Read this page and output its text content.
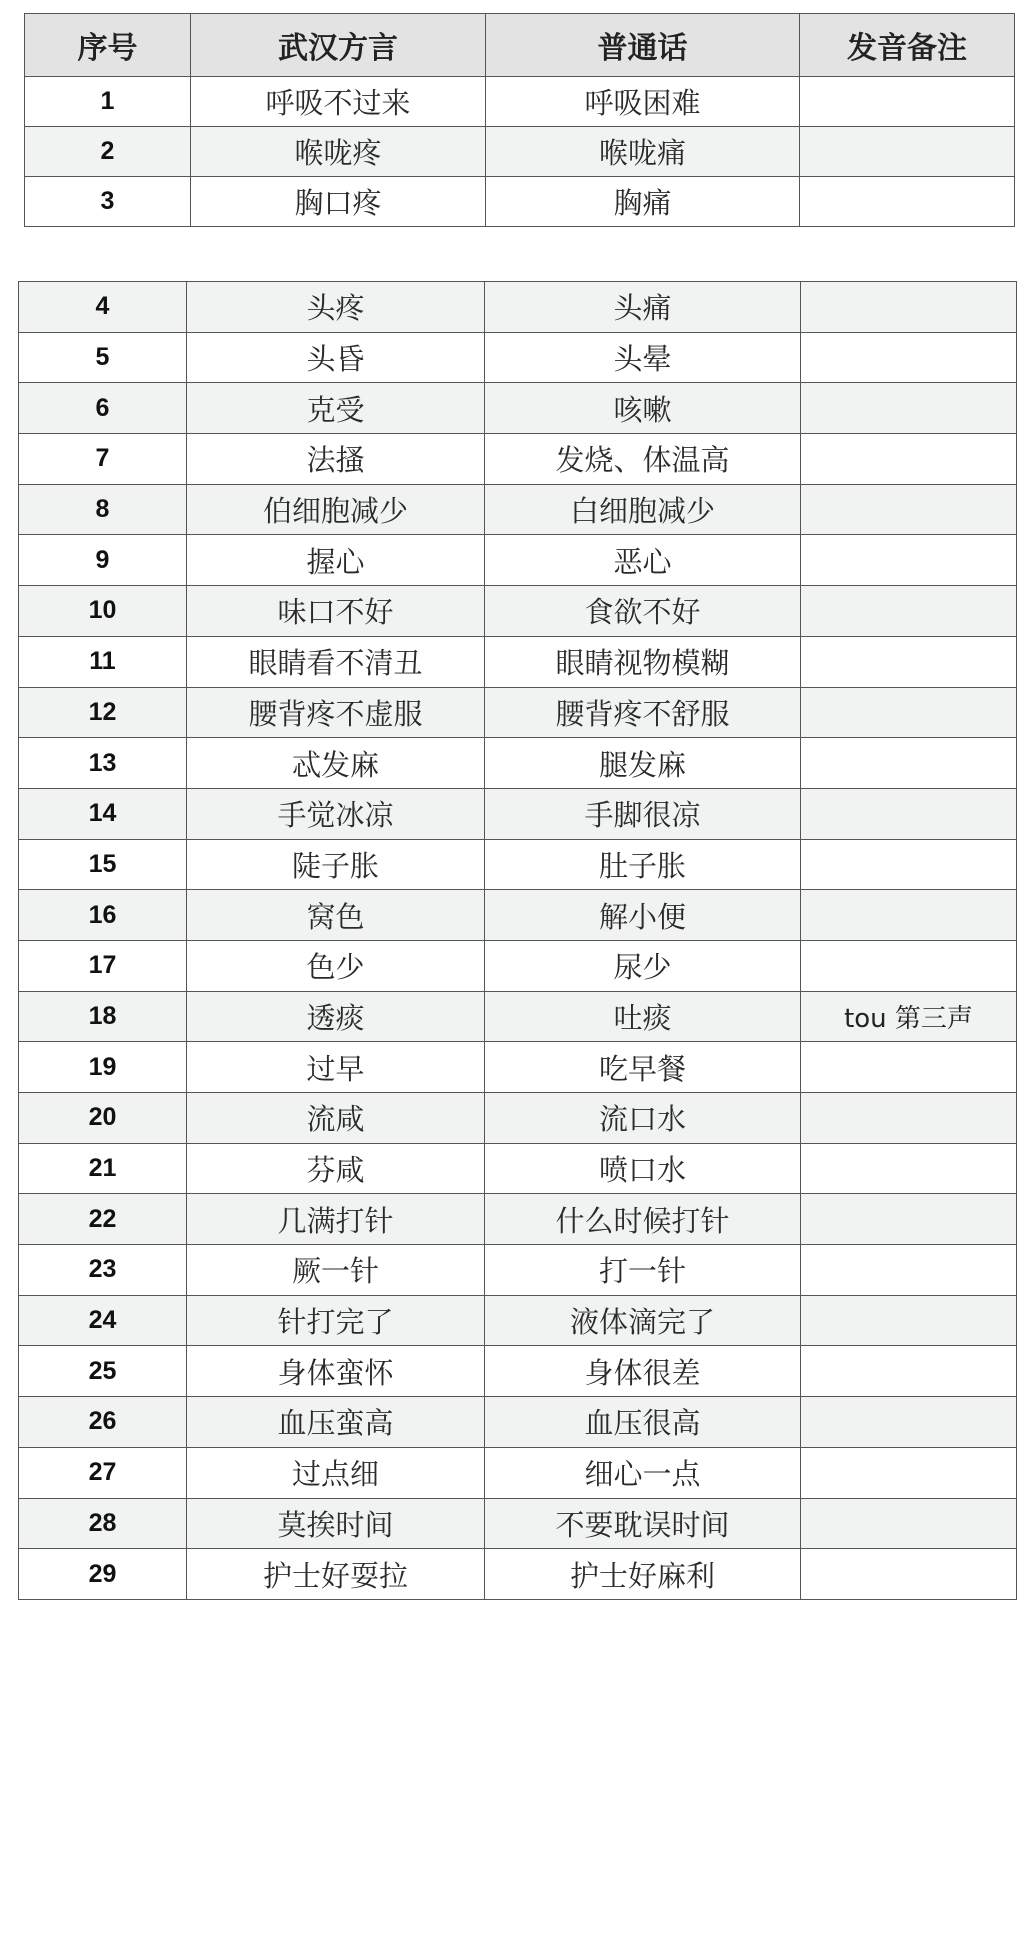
序号	武汉方言	普通话	发音备注
1	呼吸不过来	呼吸困难	
2	喉咙疼	喉咙痛	
3	胸口疼	胸痛	
4	头疼	头痛	
5	头昏	头晕	
6	克受	咳嗽	
7	法搔	发烧、体温高	
8	伯细胞减少	白细胞减少	
9	握心	恶心	
10	味口不好	食欲不好	
11	眼睛看不清丑	眼睛视物模糊	
12	腰背疼不虚服	腰背疼不舒服	
13	忒发麻	腿发麻	
14	手觉冰凉	手脚很凉	
15	陡子胀	肚子胀	
16	窝色	解小便	
17	色少	尿少	
18	透痰	吐痰	tou 第三声
19	过早	吃早餐	
20	流咸	流口水	
21	芬咸	喷口水	
22	几满打针	什么时候打针	
23	厥一针	打一针	
24	针打完了	液体滴完了	
25	身体蛮怀	身体很差	
26	血压蛮高	血压很高	
27	过点细	细心一点	
28	莫挨时间	不要耽误时间	
29	护士好耍拉	护士好麻利	
